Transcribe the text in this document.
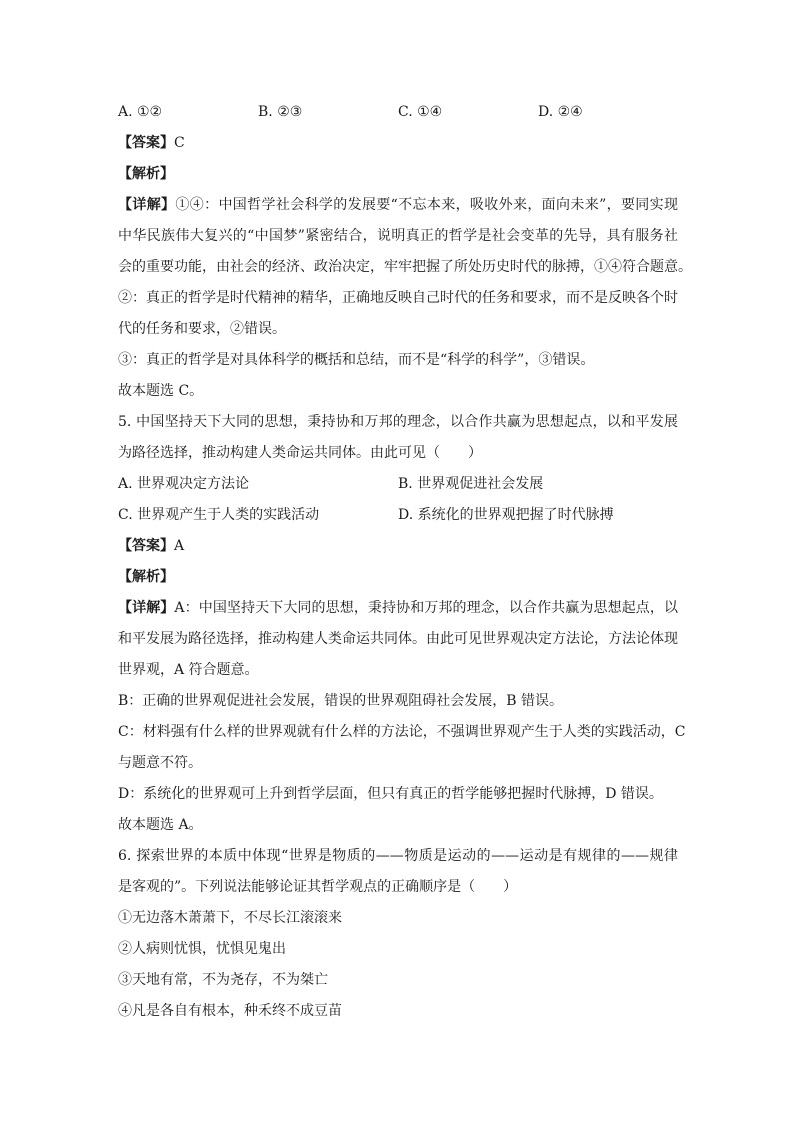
A. ①②	B. ②③	C. ①④	D. ②④
【答案】C
【解析】
【详解】①④：中国哲学社会科学的发展要“不忘本来，吸收外来，面向未来”，要同实现
中华民族伟大复兴的“中国梦”紧密结合，说明真正的哲学是社会变革的先导，具有服务社
会的重要功能，由社会的经济、政治决定，牢牢把握了所处历史时代的脉搏，①④符合题意。
②：真正的哲学是时代精神的精华，正确地反映自己时代的任务和要求，而不是反映各个时
代的任务和要求，②错误。
③：真正的哲学是对具体科学的概括和总结，而不是“科学的科学”，③错误。
故本题选 C。
5. 中国坚持天下大同的思想，秉持协和万邦的理念，以合作共赢为思想起点，以和平发展
为路径选择，推动构建人类命运共同体。由此可见（　　）
A. 世界观决定方法论	B. 世界观促进社会发展
C. 世界观产生于人类的实践活动	D. 系统化的世界观把握了时代脉搏
【答案】A
【解析】
【详解】A：中国坚持天下大同的思想，秉持协和万邦的理念，以合作共赢为思想起点，以
和平发展为路径选择，推动构建人类命运共同体。由此可见世界观决定方法论，方法论体现
世界观，A 符合题意。
B：正确的世界观促进社会发展，错误的世界观阻碍社会发展，B 错误。
C：材料强有什么样的世界观就有什么样的方法论，不强调世界观产生于人类的实践活动，C
与题意不符。
D：系统化的世界观可上升到哲学层面，但只有真正的哲学能够把握时代脉搏，D 错误。
故本题选 A。
6. 探索世界的本质中体现“世界是物质的——物质是运动的——运动是有规律的——规律
是客观的”。下列说法能够论证其哲学观点的正确顺序是（　　）
①无边落木萧萧下，不尽长江滚滚来
②人病则忧惧，忧惧见鬼出
③天地有常，不为尧存，不为桀亡
④凡是各自有根本，种禾终不成豆苗
